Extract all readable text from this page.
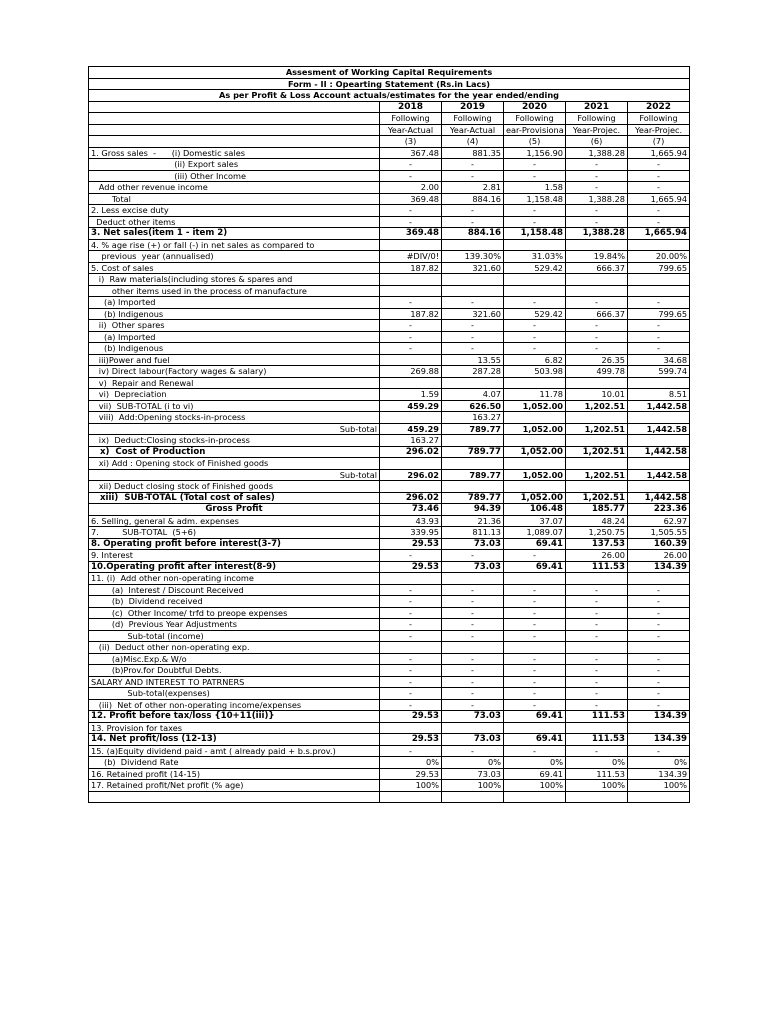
Assesment of Working Capital Requirements					
Form - II : Opearting Statement (Rs.in Lacs)					
As per Profit & Loss Account actuals/estimates for the year ended/ending					
	2018	2019	2020	2021	2022
	Following	Following	Following	Following	Following
	Year-Actual	Year-Actual	ear-Provisiona	Year-Projec.	Year-Projec.
	(3)	(4)	(5)	(6)	(7)
1. Gross sales  -      (i) Domestic sales	367.48	881.35	1,156.90	1,388.28	1,665.94
(ii) Export sales	-	-	-	-	-
(iii) Other Income	-	-	-	-	-
Add other revenue income	2.00	2.81	1.58	-	-
Total	369.48	884.16	1,158.48	1,388.28	1,665.94
2. Less excise duty	-	-	-	-	-
Deduct other items	-	-	-	-	-
3. Net sales(item 1 - item 2)	369.48	884.16	1,158.48	1,388.28	1,665.94
4. % age rise (+) or fall (-) in net sales as compared to					
previous  year (annualised)	#DIV/0!	139.30%	31.03%	19.84%	20.00%
5. Cost of sales	187.82	321.60	529.42	666.37	799.65
i)  Raw materials(including stores & spares and					
other items used in the process of manufacture					
(a) Imported	-	-	-	-	-
(b) Indigenous	187.82	321.60	529.42	666.37	799.65
ii)  Other spares	-	-	-	-	-
(a) Imported	-	-	-	-	-
(b) Indigenous	-	-	-	-	-
iii)Power and fuel		13.55	6.82	26.35	34.68
iv) Direct labour(Factory wages & salary)	269.88	287.28	503.98	499.78	599.74
v)  Repair and Renewal					
vi)  Depreciation	1.59	4.07	11.78	10.01	8.51
vii)  SUB-TOTAL (i to vi)	459.29	626.50	1,052.00	1,202.51	1,442.58
viii)  Add:Opening stocks-in-process		163.27			
Sub-total	459.29	789.77	1,052.00	1,202.51	1,442.58
ix)  Deduct:Closing stocks-in-process	163.27				
x)  Cost of Production	296.02	789.77	1,052.00	1,202.51	1,442.58
xi) Add : Opening stock of Finished goods					
Sub-total	296.02	789.77	1,052.00	1,202.51	1,442.58
xii) Deduct closing stock of Finished goods					
xiii)  SUB-TOTAL (Total cost of sales)	296.02	789.77	1,052.00	1,202.51	1,442.58
Gross Profit	73.46	94.39	106.48	185.77	223.36
6. Selling, general & adm. expenses	43.93	21.36	37.07	48.24	62.97
7.         SUB-TOTAL  (5+6)	339.95	811.13	1,089.07	1,250.75	1,505.55
8. Operating profit before interest(3-7)	29.53	73.03	69.41	137.53	160.39
9. Interest	-	-	-	26.00	26.00
10.Operating profit after interest(8-9)	29.53	73.03	69.41	111.53	134.39
11. (i)  Add other non-operating income					
(a)  Interest / Discount Received	-	-	-	-	-
(b)  Dividend received	-	-	-	-	-
(c)  Other Income/ trfd to preope expenses	-	-	-	-	-
(d)  Previous Year Adjustments	-	-	-	-	-
Sub-total (income)	-	-	-	-	-
(ii)  Deduct other non-operating exp.					
(a)Misc.Exp.& W/o	-	-	-	-	-
(b)Prov.for Doubtful Debts.	-	-	-	-	-
SALARY AND INTEREST TO PATRNERS	-	-	-	-	-
Sub-total(expenses)	-	-	-	-	-
(iii)  Net of other non-operating income/expenses	-	-	-	-	-
12. Profit before tax/loss {10+11(iii)}	29.53	73.03	69.41	111.53	134.39
13. Provision for taxes					
14. Net profit/loss (12-13)	29.53	73.03	69.41	111.53	134.39
15. (a)Equity dividend paid - amt ( already paid + b.s.prov.)	-	-	-	-	-
(b)  Dividend Rate	0%	0%	0%	0%	0%
16. Retained profit (14-15)	29.53	73.03	69.41	111.53	134.39
17. Retained profit/Net profit (% age)	100%	100%	100%	100%	100%
